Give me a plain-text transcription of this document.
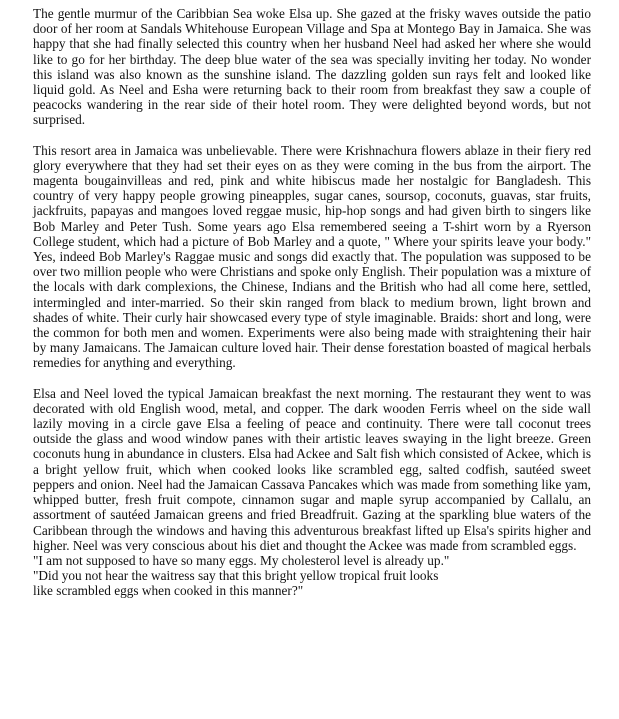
The gentle murmur of the Caribbian Sea woke Elsa up. She gazed at the frisky waves outside the patio door of her room at Sandals Whitehouse European Village and Spa at Montego Bay in Jamaica. She was happy that she had finally selected this country when her husband Neel had asked her where she would like to go for her birthday. The deep blue water of the sea was specially inviting her today. No wonder this island was also known as the sunshine island. The dazzling golden sun rays felt and looked like liquid gold. As Neel and Esha were returning back to their room from breakfast they saw a couple of peacocks wandering in the rear side of their hotel room. They were delighted beyond words, but not surprised.

This resort area in Jamaica was unbelievable. There were Krishnachura flowers ablaze in their fiery red glory everywhere that they had set their eyes on as they were coming in the bus from the airport. The magenta bougainvilleas and red, pink and white hibiscus made her nostalgic for Bangladesh. This country of very happy people growing pineapples, sugar canes, soursop, coconuts, guavas, star fruits, jackfruits, papayas and mangoes loved reggae music, hip-hop songs and had given birth to singers like Bob Marley and Peter Tush. Some years ago Elsa remembered seeing a T-shirt worn by a Ryerson College student, which had a picture of Bob Marley and a quote, " Where your spirits leave your body." Yes, indeed Bob Marley's Raggae music and songs did exactly that. The population was supposed to be over two million people who were Christians and spoke only English. Their population was a mixture of the locals with dark complexions, the Chinese, Indians and the British who had all come here, settled, intermingled and inter-married. So their skin ranged from black to medium brown, light brown and shades of white. Their curly hair showcased every type of style imaginable. Braids: short and long, were the common for both men and women. Experiments were also being made with straightening their hair by many Jamaicans. The Jamaican culture loved hair. Their dense forestation boasted of magical herbals remedies for anything and everything.

Elsa and Neel loved the typical Jamaican breakfast the next morning. The restaurant they went to was decorated with old English wood, metal, and copper. The dark wooden Ferris wheel on the side wall lazily moving in a circle gave Elsa a feeling of peace and continuity. There were tall coconut trees outside the glass and wood window panes with their artistic leaves swaying in the light breeze. Green coconuts hung in abundance in clusters. Elsa had Ackee and Salt fish which consisted of Ackee, which is a bright yellow fruit, which when cooked looks like scrambled egg, salted codfish, sautéed sweet peppers and onion. Neel had the Jamaican Cassava Pancakes which was made from something like yam, whipped butter, fresh fruit compote, cinnamon sugar and maple syrup accompanied by Callalu, an assortment of sautéed Jamaican greens and fried Breadfruit. Gazing at the sparkling blue waters of the Caribbean through the windows and having this adventurous breakfast lifted up Elsa's spirits higher and higher. Neel was very conscious about his diet and thought the Ackee was made from scrambled eggs.

"I am not supposed to have so many eggs. My cholesterol level is already up."

"Did you not hear the waitress say that this bright yellow tropical fruit looks

like scrambled eggs when cooked in this manner?"
